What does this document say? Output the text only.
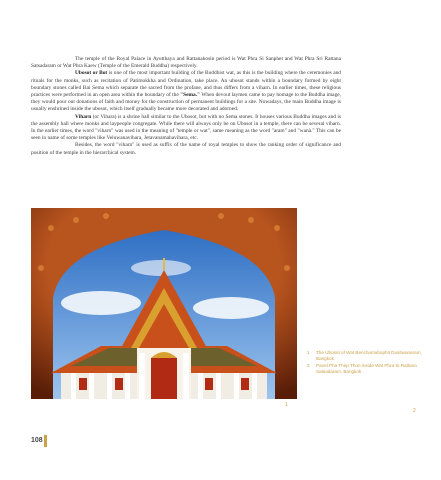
The temple of the Royal Palace in Ayutthaya and Rattanakosin period is Wat Phra Si Sanphet and Wat Phra Sri Rattana Satsadaram or Wat Phra Kaew (Temple of the Emerald Buddha) respectively.

Ubosot or Bot is one of the most important building of the Buddhist wat, as this is the building where the ceremonies and rituals for the monks, such as recitation of Patimokkha and Ordination, take place. An ubosot stands within a boundary formed by eight boundary stones called Bai Sema which separate the sacred from the profane, and thus differs from a viharn. In earlier times, these religious practices were performed in an open area within the boundary of the "Sema." When devout laymen came to pay homage to the Buddha image, they would pour out donations of faith and money for the construction of permanent buildings for a site. Nowadays, the main Buddha image is usually enshrined inside the ubosot, which itself gradually became more decorated and adorned.

Viharn (or Vihara) is a shrine hall similar to the Ubosot, but with no Sema stones. It houses various Buddha images and is the assembly hall where monks and laypeople congregate. While there will always only be on Ubosot in a temple, there can be several viharn. In the earlier times, the word "viharn" was used in the meaning of "temple or wat", same meaning as the word "aram" and "wanà." This can be seen in name of some temples like Veluwanavihara, Jetavanamahavihara, etc.

Besides, the word "viharn" is used as suffix of the name of royal temples to show the ranking order of significance and position of the temple in the hierarchical system.

1	The Ubosot of Wat Benchamabophit Dusitwanaram, Bangkok
2	Panel Pha Thep Thon inside Wat Phra Si Rattana Satsadaram, Bangkok
1
2
108
